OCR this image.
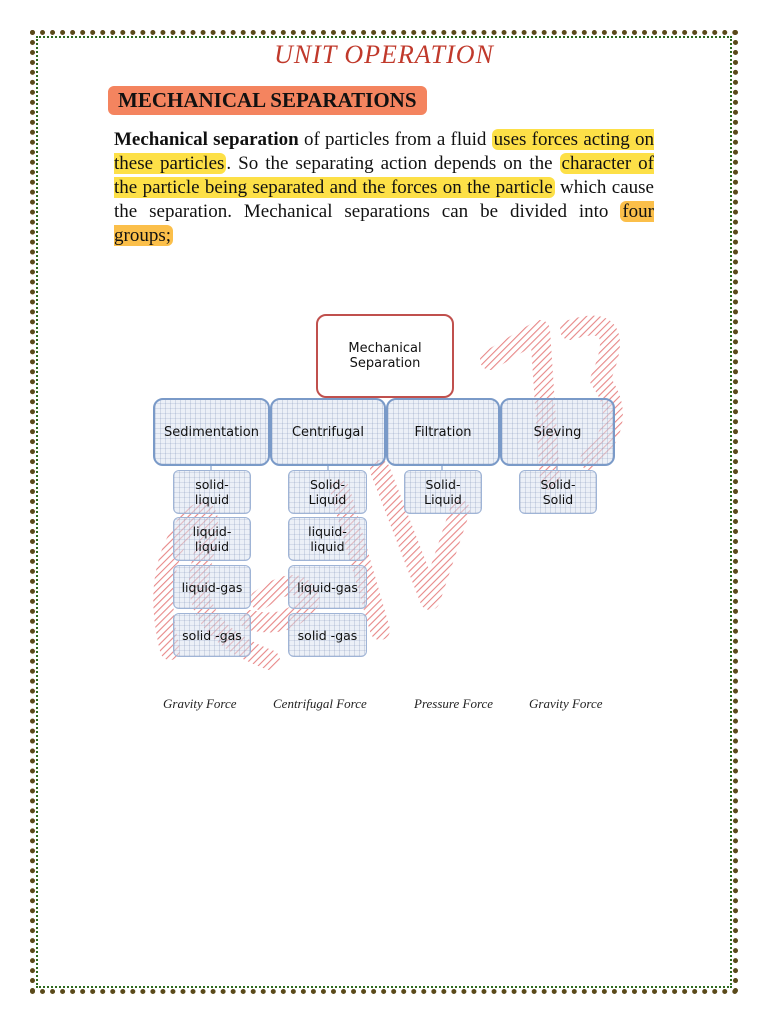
UNIT OPERATION
MECHANICAL SEPARATIONS
Mechanical separation of particles from a fluid uses forces acting on these particles . So the separating action depends on the character of the particle being separated and the forces on the particle which cause the separation. Mechanical separations can be divided into four groups;
Mechanical
Separation
Sedimentation	Centrifugal	Filtration	Sieving
solid-
liquid
liquid-
liquid
liquid-gas
solid -gas
Solid-
Liquid
liquid-
liquid
liquid-gas
solid -gas
Solid-
Liquid
Solid-
Solid
Gravity Force	Centrifugal Force	Pressure Force	Gravity Force
